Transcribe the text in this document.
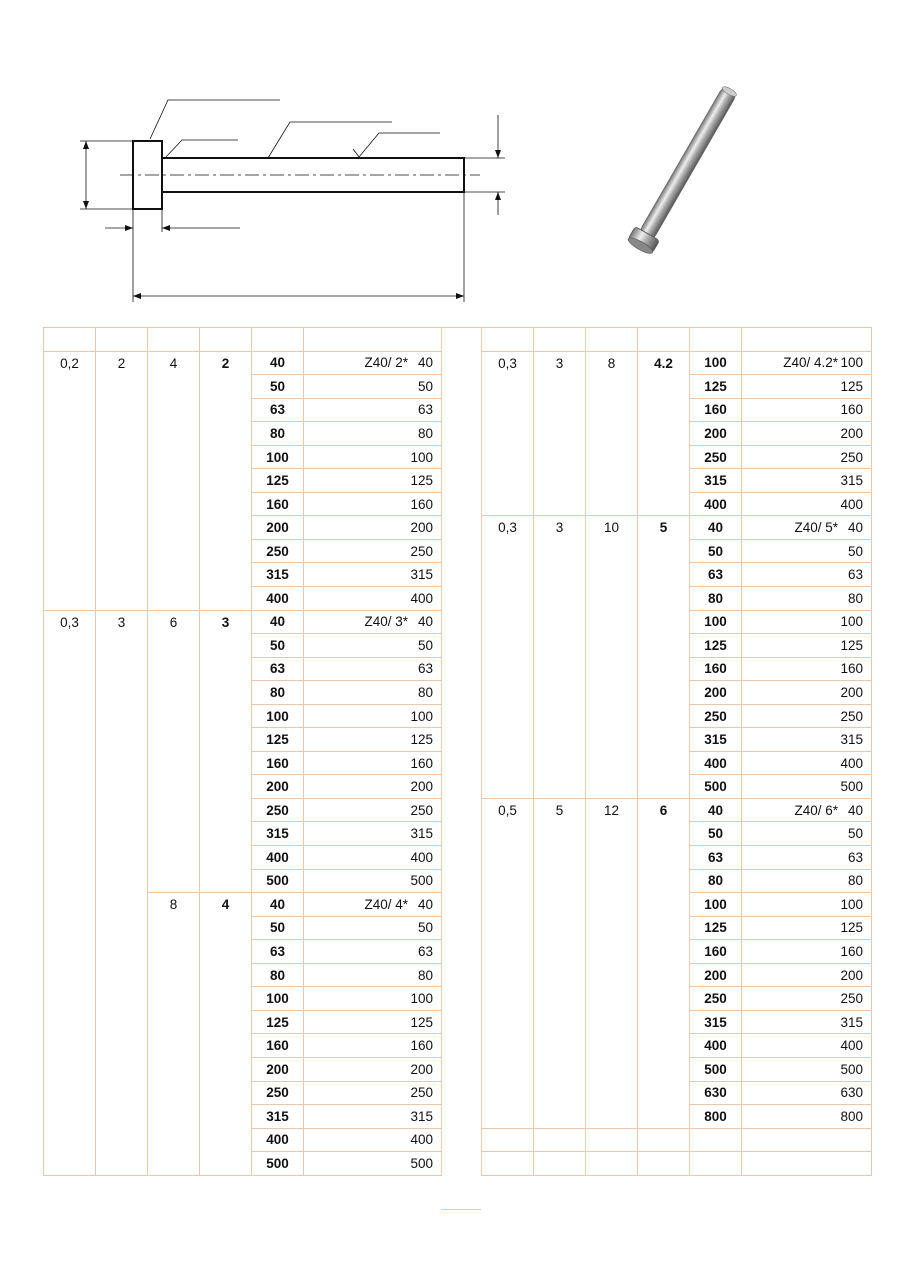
0,2	2	4	2	40	Z40/ 2* 40
				50	50
				63	63
				80	80
				100	100
				125	125
				160	160
				200	200
				250	250
				315	315
				400	400
0,3	3	6	3	40	Z40/ 3* 40
				50	50
				63	63
				80	80
				100	100
				125	125
				160	160
				200	200
				250	250
				315	315
				400	400
				500	500
		8	4	40	Z40/ 4* 40
				50	50
				63	63
				80	80
				100	100
				125	125
				160	160
				200	200
				250	250
				315	315
				400	400
				500	500

0,3	3	8	4.2	100	Z40/ 4.2* 100
				125	125
				160	160
				200	200
				250	250
				315	315
				400	400
0,3	3	10	5	40	Z40/ 5* 40
				50	50
				63	63
				80	80
				100	100
				125	125
				160	160
				200	200
				250	250
				315	315
				400	400
				500	500
0,5	5	12	6	40	Z40/ 6* 40
				50	50
				63	63
				80	80
				100	100
				125	125
				160	160
				200	200
				250	250
				315	315
				400	400
				500	500
				630	630
				800	800
